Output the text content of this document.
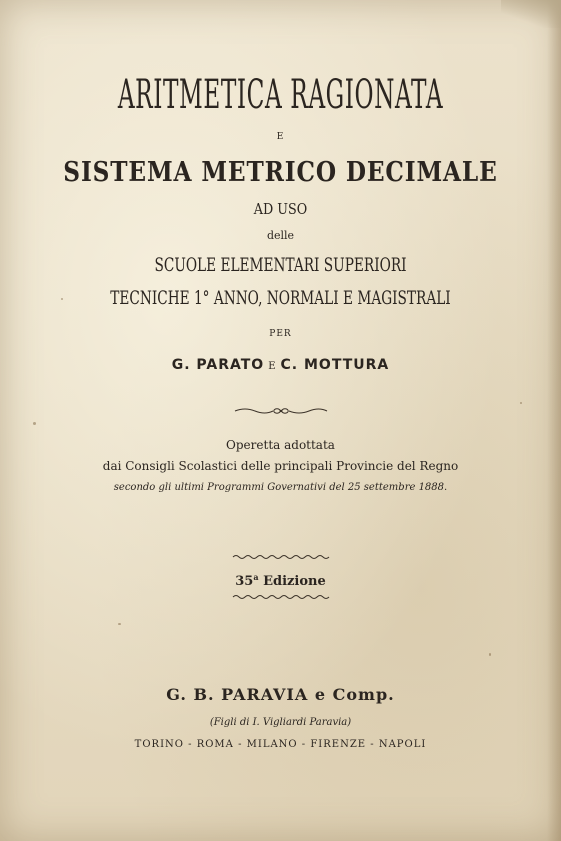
ARITMETICA RAGIONATA

E

SISTEMA METRICO DECIMALE

AD USO

delle

SCUOLE ELEMENTARI SUPERIORI

TECNICHE 1° ANNO, NORMALI E MAGISTRALI

PER

G. PARATO E C. MOTTURA

Operetta adottata

dai Consigli Scolastici delle principali Provincie del Regno

secondo gli ultimi Programmi Governativi del 25 settembre 1888.

35$^a$ Edizione

G. B. PARAVIA e Comp.

(Figli di I. Vigliardi Paravia)

TORINO - ROMA - MILANO - FIRENZE - NAPOLI
